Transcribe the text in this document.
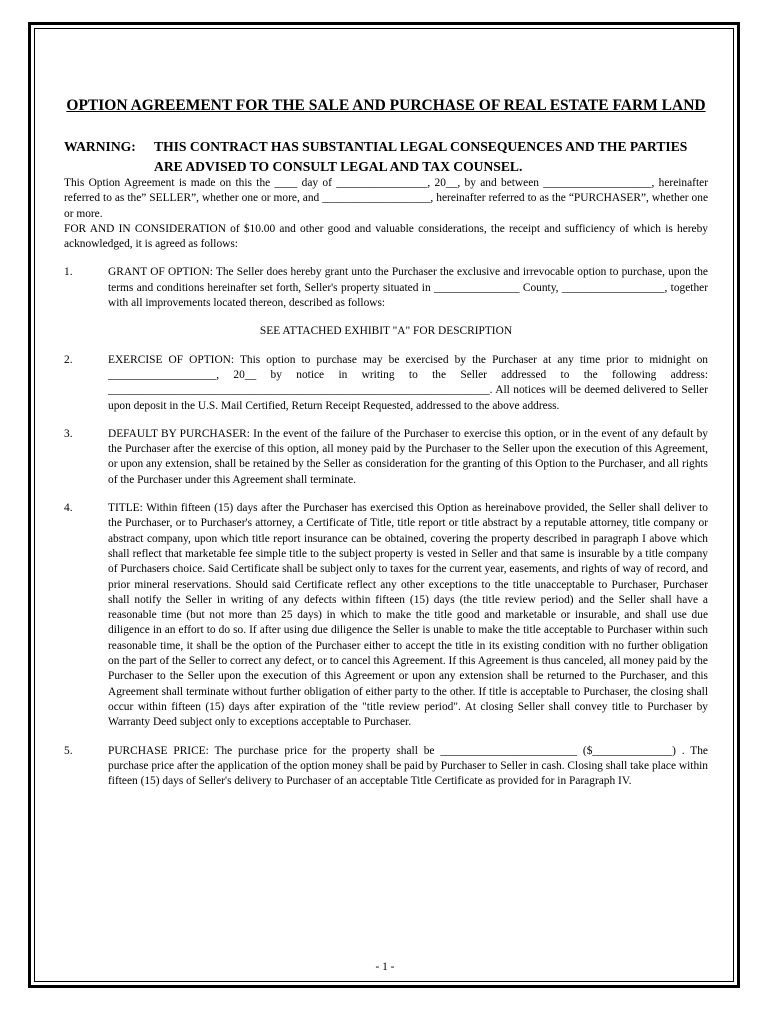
OPTION AGREEMENT FOR THE SALE AND PURCHASE OF REAL ESTATE FARM LAND
WARNING:	THIS CONTRACT HAS SUBSTANTIAL LEGAL CONSEQUENCES AND THE PARTIES ARE ADVISED TO CONSULT LEGAL AND TAX COUNSEL.

This Option Agreement is made on this the ____ day of ________________, 20__, by and between ___________________, hereinafter referred to as the” SELLER”, whether one or more, and ___________________, hereinafter referred to as the “PURCHASER”, whether one or more.

FOR AND IN CONSIDERATION of $10.00 and other good and valuable considerations, the receipt and sufficiency of which is hereby acknowledged, it is agreed as follows:

1.	GRANT OF OPTION: The Seller does hereby grant unto the Purchaser the exclusive and irrevocable option to purchase, upon the terms and conditions hereinafter set forth, Seller's property situated in _______________ County, __________________, together with all improvements located thereon, described as follows:

SEE ATTACHED EXHIBIT "A" FOR DESCRIPTION
2.	EXERCISE OF OPTION: This option to purchase may be exercised by the Purchaser at any time prior to midnight on ___________________, 20__ by notice in writing to the Seller addressed to the following address: ___________________________________________________________________. All notices will be deemed delivered to Seller upon deposit in the U.S. Mail Certified, Return Receipt Requested, addressed to the above address.

3.	DEFAULT BY PURCHASER: In the event of the failure of the Purchaser to exercise this option, or in the event of any default by the Purchaser after the exercise of this option, all money paid by the Purchaser to the Seller upon the execution of this Agreement, or upon any extension, shall be retained by the Seller as consideration for the granting of this Option to the Purchaser, and all rights of the Purchaser under this Agreement shall terminate.

4.	TITLE: Within fifteen (15) days after the Purchaser has exercised this Option as hereinabove provided, the Seller shall deliver to the Purchaser, or to Purchaser's attorney, a Certificate of Title, title report or title abstract by a reputable attorney, title company or abstract company, upon which title report insurance can be obtained, covering the property described in paragraph I above which shall reflect that marketable fee simple title to the subject property is vested in Seller and that same is insurable by a title company of Purchasers choice. Said Certificate shall be subject only to taxes for the current year, easements, and rights of way of record, and prior mineral reservations. Should said Certificate reflect any other exceptions to the title unacceptable to Purchaser, Purchaser shall notify the Seller in writing of any defects within fifteen (15) days (the title review period) and the Seller shall have a reasonable time (but not more than 25 days) in which to make the title good and marketable or insurable, and shall use due diligence in an effort to do so. If after using due diligence the Seller is unable to make the title acceptable to Purchaser within such reasonable time, it shall be the option of the Purchaser either to accept the title in its existing condition with no further obligation on the part of the Seller to correct any defect, or to cancel this Agreement. If this Agreement is thus canceled, all money paid by the Purchaser to the Seller upon the execution of this Agreement or upon any extension shall be returned to the Purchaser, and this Agreement shall terminate without further obligation of either party to the other. If title is acceptable to Purchaser, the closing shall occur within fifteen (15) days after expiration of the "title review period". At closing Seller shall convey title to Purchaser by Warranty Deed subject only to exceptions acceptable to Purchaser.

5.	PURCHASE PRICE: The purchase price for the property shall be ________________________ ($______________) . The purchase price after the application of the option money shall be paid by Purchaser to Seller in cash. Closing shall take place within fifteen (15) days of Seller's delivery to Purchaser of an acceptable Title Certificate as provided for in Paragraph IV.

- 1 -
